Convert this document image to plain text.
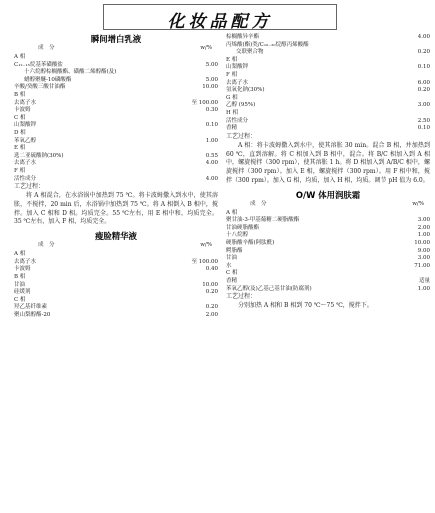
化妆品配方
瞬间增白乳液
成　分	w/%
A 相
C₁₂₋₁₅烷基苯磺酸盐	5.00
十六烷醇棕榈酸酯、磺酸二烯醇酯(及)
蜡醇聚醚-10磷酸酯	5.00
辛酸/癸酸三酸甘油酯	10.00
B 相
去离子水	至 100.00
卡波姆	0.30
C 相
山梨酸钾	0.10
D 相
苯氧乙醇	1.00
E 相
选二亚硫酸钠(30%)	0.55
去离子水	4.00
F 相
活性成分	4.00
工艺过程：
将 A 相混合，在水浴锅中加热到 75 ℃。将卡波姆撒入到水中，使其溶胀，不搅拌，20 min 后，水浴锅中加热到 75 ℃。将 A 相倒入 B 相中，搅拌。加入 C 相和 D 相。均质完全。55 ℃左右，用 E 相中和，均质完全。35 ℃左右，加入 F 相，均质完全。
瘦脸精华液
成　分	w/%
A 相
去离子水	至 100.00
卡波姆	0.40
B 相
甘油	10.00
硅缓剂	0.20
C 相
羟乙基纤维素	0.20
聚山梨醇酯-20	2.00
棕榈酸异辛酯	4.00
丙烯酸(酯)类/C₁₀₋₃₀烷醇丙烯酸酯
交联聚合物	0.20
E 相
山梨酸钾	0.10
F 相
去离子水	6.00
氢氧化钠(30%)	0.20
G 相
乙醇 (95%)	3.00
H 相
活性成分	2.50
香精	0.10
工艺过程：
A 相：将卡波姆撒入到水中，使其溶胀 30 min。混合 B 相，并加热到 60 ℃，直到溶解。将 C 相加入到 B 相中，混合。将 B/C 相加入到 A 相中，螺旋搅拌（300 rpm），使其溶胀 1 h。将 D 相加入到 A/B/C 相中，螺旋搅拌（300 rpm）。加入 E 相，螺旋搅拌（300 rpm）。用 F 相中和，搅拌（300 rpm）。加入 G 相，均质，加入 H 相，均质。调节 pH 值为 6.0。
O/W 体用润肤霜
成　分	w/%
A 相
聚甘油-3-甲基葡糖二硬脂酸酯	3.00
甘油硬脂酸酯	2.00
十八烷醇	1.00
硬脂酸辛酯(阿肽酰)	10.00
鳄脂酯	9.00
甘油	3.00
水	71.00
C 相
香精	适量
苯氧乙醇(及)乙基己基甘油(防腐剂)	1.00
工艺过程：
分别加热 A 相和 B 相到 70 ℃～75 ℃，搅拌下。
